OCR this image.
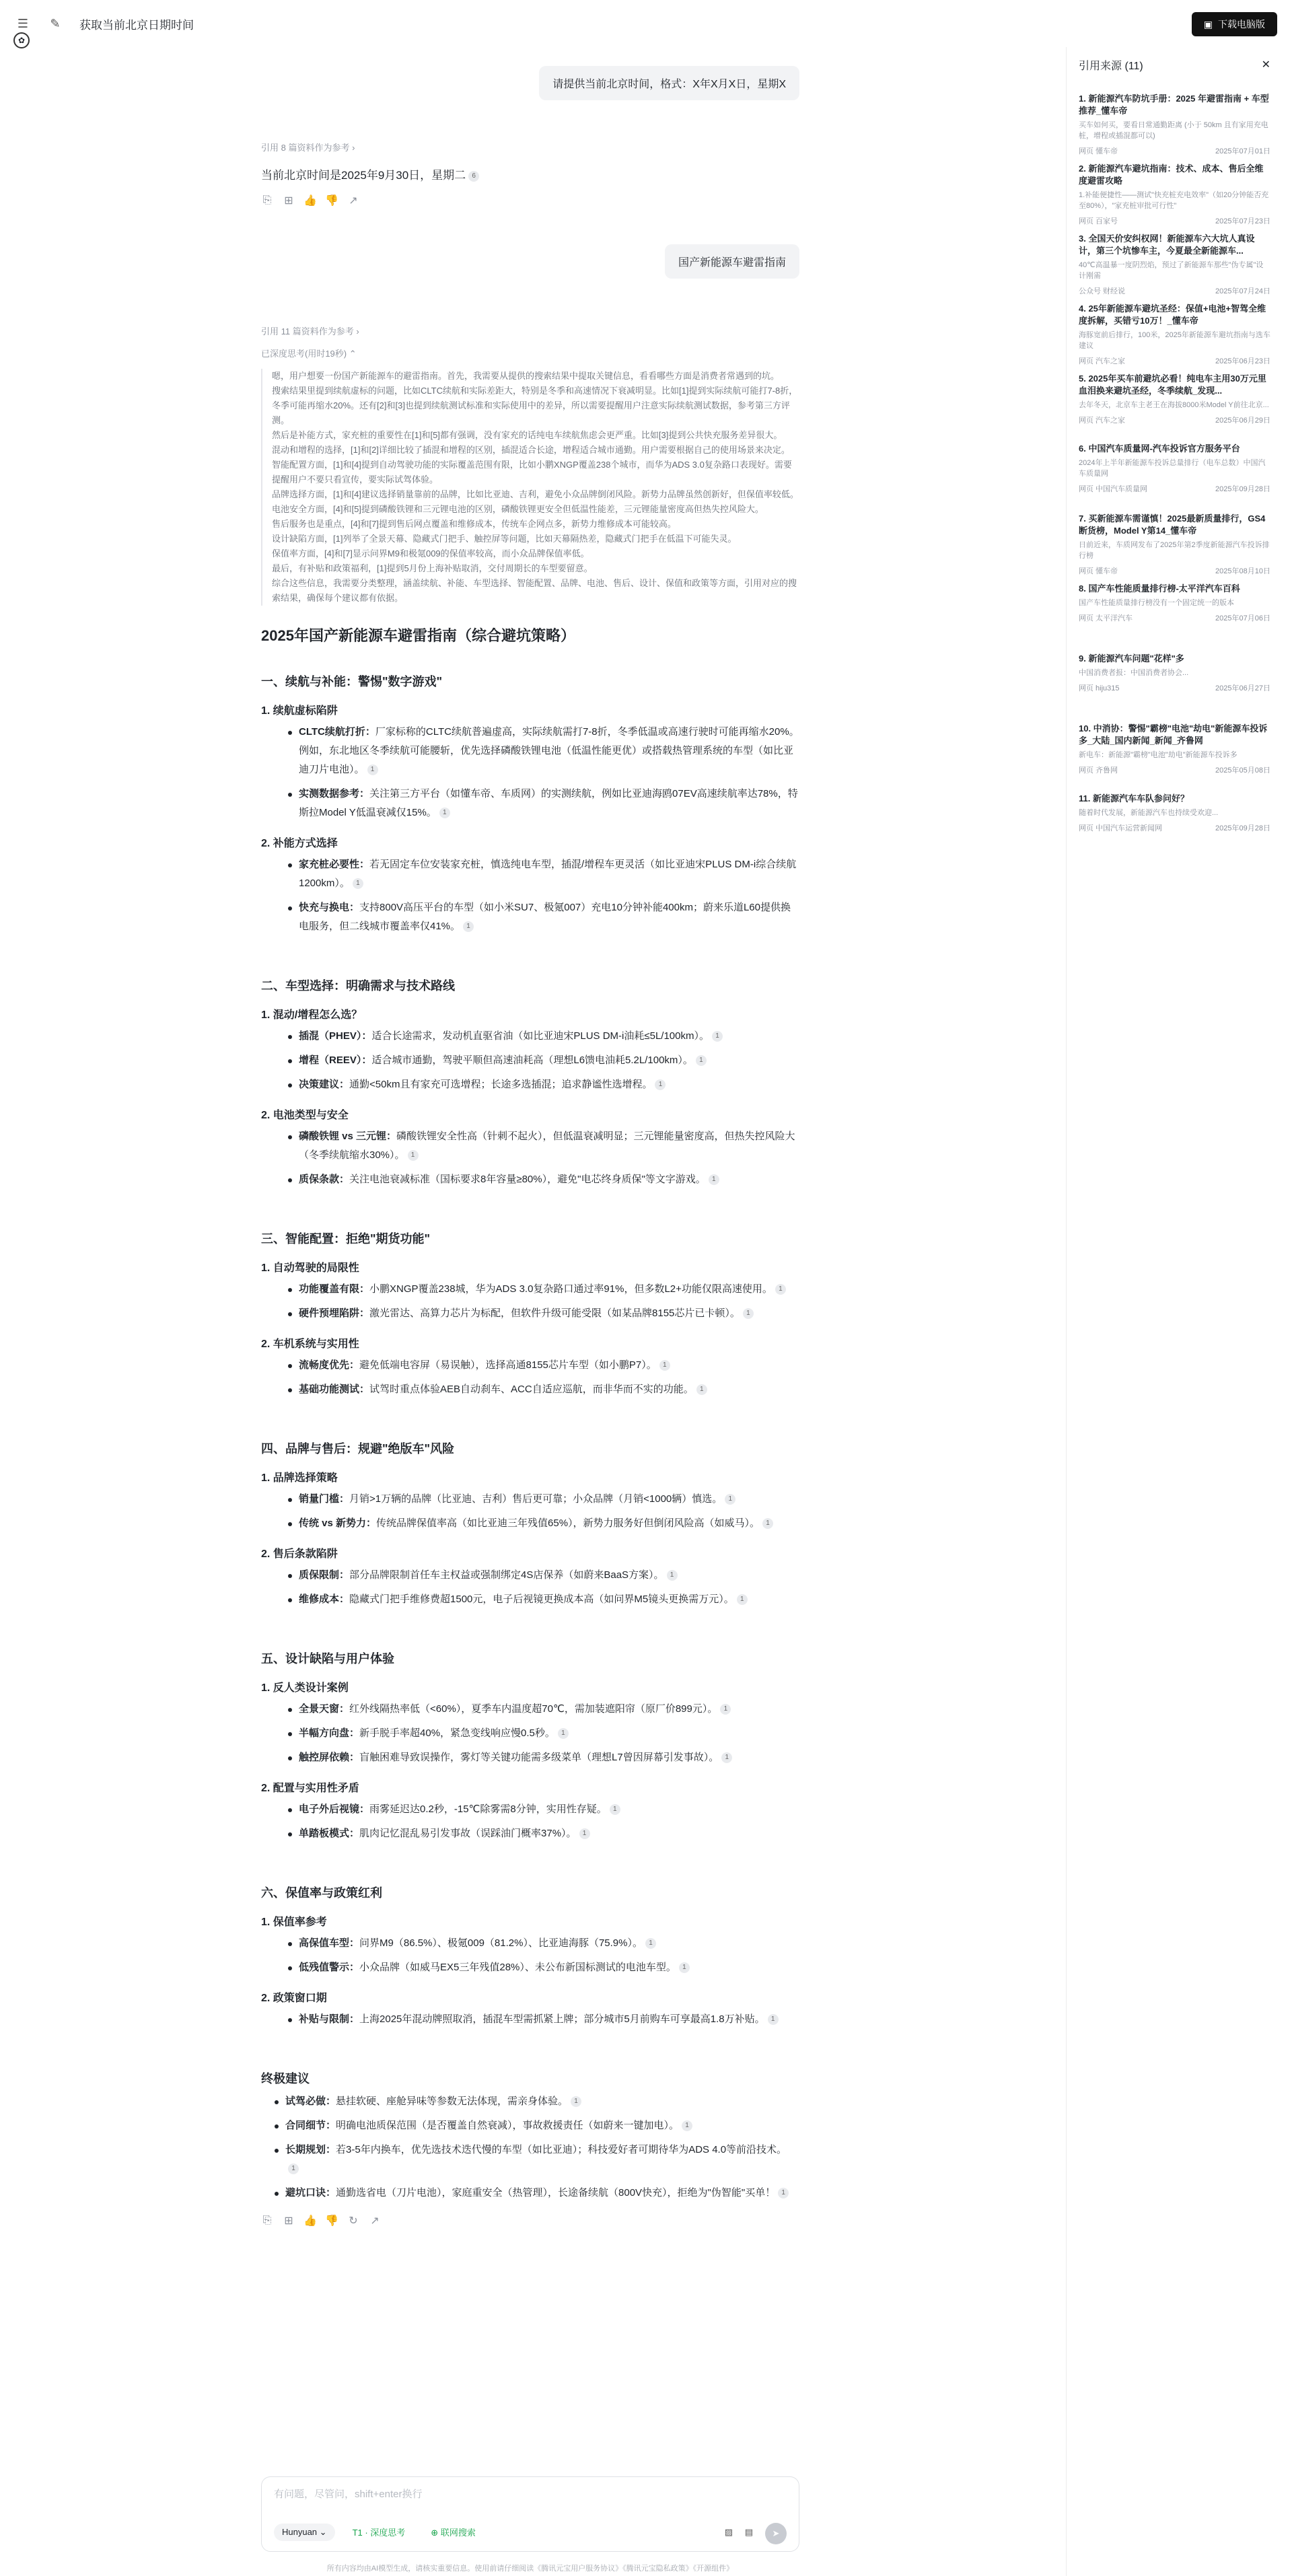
☰ ✎ 获取当前北京日期时间
✿
▣ 下载电脑版
请提供当前北京时间，格式：X年X月X日，星期X
引用 8 篇资料作为参考 ›
当前北京时间是2025年9月30日，星期二 6
⎘ ⊞ 👍 👎 ↗
国产新能源车避雷指南
引用 11 篇资料作为参考 ›
已深度思考(用时19秒) ⌃

嗯，用户想要一份国产新能源车的避雷指南。首先，我需要从提供的搜索结果中提取关键信息，看看哪些方面是消费者常遇到的坑。

搜索结果里提到续航虚标的问题，比如CLTC续航和实际差距大，特别是冬季和高速情况下衰减明显。比如[1]提到实际续航可能打7-8折，冬季可能再缩水20%。还有[2]和[3]也提到续航测试标准和实际使用中的差异，所以需要提醒用户注意实际续航测试数据，参考第三方评测。

然后是补能方式，家充桩的重要性在[1]和[5]都有强调，没有家充的话纯电车续航焦虑会更严重。比如[3]提到公共快充服务差异很大。

混动和增程的选择，[1]和[2]详细比较了插混和增程的区别，插混适合长途，增程适合城市通勤。用户需要根据自己的使用场景来决定。

智能配置方面，[1]和[4]提到自动驾驶功能的实际覆盖范围有限，比如小鹏XNGP覆盖238个城市，而华为ADS 3.0复杂路口表现好。需要提醒用户不要只看宣传，要实际试驾体验。

品牌选择方面，[1]和[4]建议选择销量靠前的品牌，比如比亚迪、吉利，避免小众品牌倒闭风险。新势力品牌虽然创新好，但保值率较低。

电池安全方面，[4]和[5]提到磷酸铁锂和三元锂电池的区别，磷酸铁锂更安全但低温性能差，三元锂能量密度高但热失控风险大。

售后服务也是重点，[4]和[7]提到售后网点覆盖和维修成本，传统车企网点多，新势力维修成本可能较高。

设计缺陷方面，[1]列举了全景天幕、隐藏式门把手、触控屏等问题，比如天幕隔热差，隐藏式门把手在低温下可能失灵。

保值率方面，[4]和[7]显示问界M9和极氪009的保值率较高，而小众品牌保值率低。

最后，有补贴和政策福利，[1]提到5月份上海补贴取消，交付周期长的车型要留意。

综合这些信息，我需要分类整理，涵盖续航、补能、车型选择、智能配置、品牌、电池、售后、设计、保值和政策等方面，引用对应的搜索结果，确保每个建议都有依据。

2025年国产新能源车避雷指南（综合避坑策略）
一、续航与补能：警惕"数字游戏"
1. 续航虚标陷阱
CLTC续航打折：厂家标称的CLTC续航普遍虚高，实际续航需打7-8折，冬季低温或高速行驶时可能再缩水20%。例如，东北地区冬季续航可能腰斩，优先选择磷酸铁锂电池（低温性能更优）或搭载热管理系统的车型（如比亚迪刀片电池）。 1
实测数据参考：关注第三方平台（如懂车帝、车质网）的实测续航，例如比亚迪海鸥07EV高速续航率达78%，特斯拉Model Y低温衰减仅15%。 1
2. 补能方式选择
家充桩必要性：若无固定车位安装家充桩，慎选纯电车型，插混/增程车更灵活（如比亚迪宋PLUS DM-i综合续航1200km）。 1
快充与换电：支持800V高压平台的车型（如小米SU7、极氪007）充电10分钟补能400km；蔚来乐道L60提供换电服务，但二线城市覆盖率仅41%。 1
二、车型选择：明确需求与技术路线
1. 混动/增程怎么选？
插混（PHEV）：适合长途需求，发动机直驱省油（如比亚迪宋PLUS DM-i油耗≤5L/100km）。 1
增程（REEV）：适合城市通勤，驾驶平顺但高速油耗高（理想L6馈电油耗5.2L/100km）。 1
决策建议：通勤<50km且有家充可选增程；长途多选插混；追求静谧性选增程。 1
2. 电池类型与安全
磷酸铁锂 vs 三元锂：磷酸铁锂安全性高（针刺不起火），但低温衰减明显；三元锂能量密度高，但热失控风险大（冬季续航缩水30%）。 1
质保条款：关注电池衰减标准（国标要求8年容量≥80%），避免"电芯终身质保"等文字游戏。 1
三、智能配置：拒绝"期货功能"
1. 自动驾驶的局限性
功能覆盖有限：小鹏XNGP覆盖238城，华为ADS 3.0复杂路口通过率91%，但多数L2+功能仅限高速使用。 1
硬件预埋陷阱：激光雷达、高算力芯片为标配，但软件升级可能受限（如某品牌8155芯片已卡顿）。 1
2. 车机系统与实用性
流畅度优先：避免低端电容屏（易误触），选择高通8155芯片车型（如小鹏P7）。 1
基础功能测试：试驾时重点体验AEB自动刹车、ACC自适应巡航，而非华而不实的功能。 1
四、品牌与售后：规避"绝版车"风险
1. 品牌选择策略
销量门槛：月销>1万辆的品牌（比亚迪、吉利）售后更可靠；小众品牌（月销<1000辆）慎选。 1
传统 vs 新势力：传统品牌保值率高（如比亚迪三年残值65%），新势力服务好但倒闭风险高（如威马）。 1
2. 售后条款陷阱
质保限制：部分品牌限制首任车主权益或强制绑定4S店保养（如蔚来BaaS方案）。 1
维修成本：隐藏式门把手维修费超1500元，电子后视镜更换成本高（如问界M5镜头更换需万元）。 1
五、设计缺陷与用户体验
1. 反人类设计案例
全景天窗：红外线隔热率低（<60%），夏季车内温度超70℃，需加装遮阳帘（原厂价899元）。 1
半幅方向盘：新手脱手率超40%，紧急变线响应慢0.5秒。 1
触控屏依赖：盲触困难导致误操作，雾灯等关键功能需多级菜单（理想L7曾因屏幕引发事故）。 1
2. 配置与实用性矛盾
电子外后视镜：雨雾延迟达0.2秒，-15℃除雾需8分钟，实用性存疑。 1
单踏板模式：肌肉记忆混乱易引发事故（误踩油门概率37%）。 1
六、保值率与政策红利
1. 保值率参考
高保值车型：问界M9（86.5%）、极氪009（81.2%）、比亚迪海豚（75.9%）。 1
低残值警示：小众品牌（如威马EX5三年残值28%）、未公布新国标测试的电池车型。 1
2. 政策窗口期
补贴与限制：上海2025年混动牌照取消，插混车型需抓紧上牌；部分城市5月前购车可享最高1.8万补贴。 1
终极建议
试驾必做：悬挂软硬、座舱异味等参数无法体现，需亲身体验。 1
合同细节：明确电池质保范围（是否覆盖自然衰减），事故救援责任（如蔚来一键加电）。 1
长期规划：若3-5年内换车，优先选技术迭代慢的车型（如比亚迪）；科技爱好者可期待华为ADS 4.0等前沿技术。1
避坑口诀：通勤选省电（刀片电池），家庭重安全（热管理），长途备续航（800V快充），拒绝为"伪智能"买单！ 1
⎘ ⊞ 👍 👎 ↻ ↗
有问题，尽管问，shift+enter换行
Hunyuan ⌄	T1 · 深度思考	⊕ 联网搜索	▨ ▤	➤
所有内容均由AI模型生成，请核实重要信息。使用前请仔细阅读《腾讯元宝用户服务协议》《腾讯元宝隐私政策》《开源组件》
引用来源 (11)	✕
1. 新能源汽车防坑手册：2025 年避雷指南 + 车型推荐_懂车帝
买车如何买，要看日常通勤距离 (小于 50km 且有家用充电桩，增程或插混都可以)
网页 懂车帝	2025年07月01日
2. 新能源汽车避坑指南：技术、成本、售后全维度避雷攻略
1.补能便捷性——测试"快充桩充电效率"（如20分钟能否充至80%），"家充桩审批可行性"
网页 百家号	2025年07月23日
3. 全国天价安纠权网！新能源车六大坑人真设计，第三个坑惨车主，今夏最全新能源车...
40℃高温暴一度阴烈焰，预过了新能源车那些"伪专属"设计刚需
公众号 财经说	2025年07月24日
4. 25年新能源车避坑圣经：保值+电池+智驾全维度拆解，买错亏10万！_懂车帝
海豚宽前后排行，100米，2025年新能源车避坑指南与选车建议
网页 汽车之家	2025年06月23日
5. 2025年买车前避坑必看！纯电车主用30万元里血泪换来避坑圣经，冬季续航_发现...
去年冬天，北京车主老王在海拔8000米Model Y前往北京...
网页 汽车之家	2025年06月29日
6. 中国汽车质量网-汽车投诉官方服务平台
2024年上半年新能源车投诉总量排行（电车总数）中国汽车质量网
网页 中国汽车质量网	2025年09月28日
7. 买新能源车需谨慎！2025最新质量排行，GS4断货榜，Model Y第14_懂车帝
日前近来，车质网发布了2025年第2季度新能源汽车投诉排行榜
网页 懂车帝	2025年08月10日
8. 国产车性能质量排行榜-太平洋汽车百科
国产车性能质量排行榜没有一个固定统一的版本
网页 太平洋汽车	2025年07月06日
9. 新能源汽车问题"花样"多
中国消费者报：中国消费者协会...
网页 hiju315	2025年06月27日
10. 中消协：警惕"霸榜"电池"劫电"新能源车投诉多_大陆_国内新闻_新闻_齐鲁网
新电车：新能源"霸榜"电池"劫电"新能源车投诉多
网页 齐鲁网	2025年05月08日
11. 新能源汽车车队参问好？
随着时代发展，新能源汽车也持续受欢迎...
网页 中国汽车运营新闻网	2025年09月28日
